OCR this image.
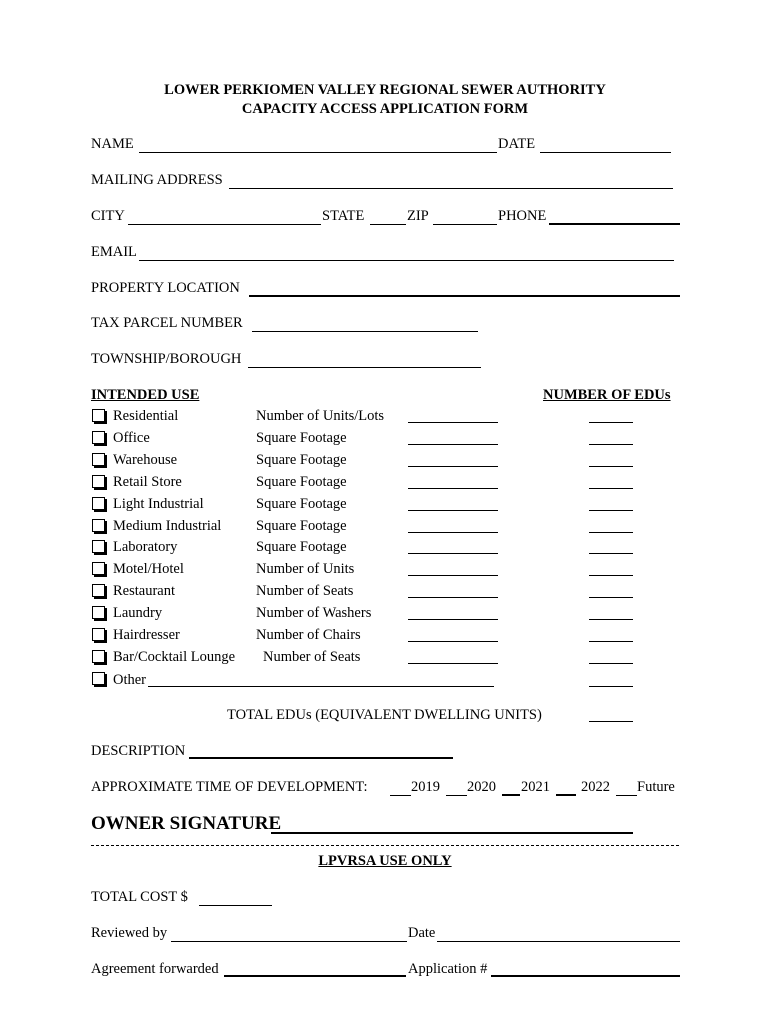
LOWER PERKIOMEN VALLEY REGIONAL SEWER AUTHORITY
CAPACITY ACCESS APPLICATION FORM
NAME	DATE
MAILING ADDRESS
CITY	STATE	ZIP	PHONE
EMAIL
PROPERTY LOCATION
TAX PARCEL NUMBER
TOWNSHIP/BOROUGH
INTENDED USE	NUMBER OF EDUs
Residential	Number of Units/Lots
Office	Square Footage
Warehouse	Square Footage
Retail Store	Square Footage
Light Industrial	Square Footage
Medium Industrial Square Footage
Laboratory	Square Footage
Motel/Hotel	Number of Units
Restaurant	Number of Seats
Laundry	Number of Washers
Hairdresser	Number of Chairs
Bar/Cocktail Lounge Number of Seats
Other
TOTAL EDUs (EQUIVALENT DWELLING UNITS)
DESCRIPTION
APPROXIMATE TIME OF DEVELOPMENT:	2019 2020 2021 2022 Future
OWNER SIGNATURE
LPVRSA USE ONLY
TOTAL COST $
Reviewed by	Date
Agreement forwarded	Application #
